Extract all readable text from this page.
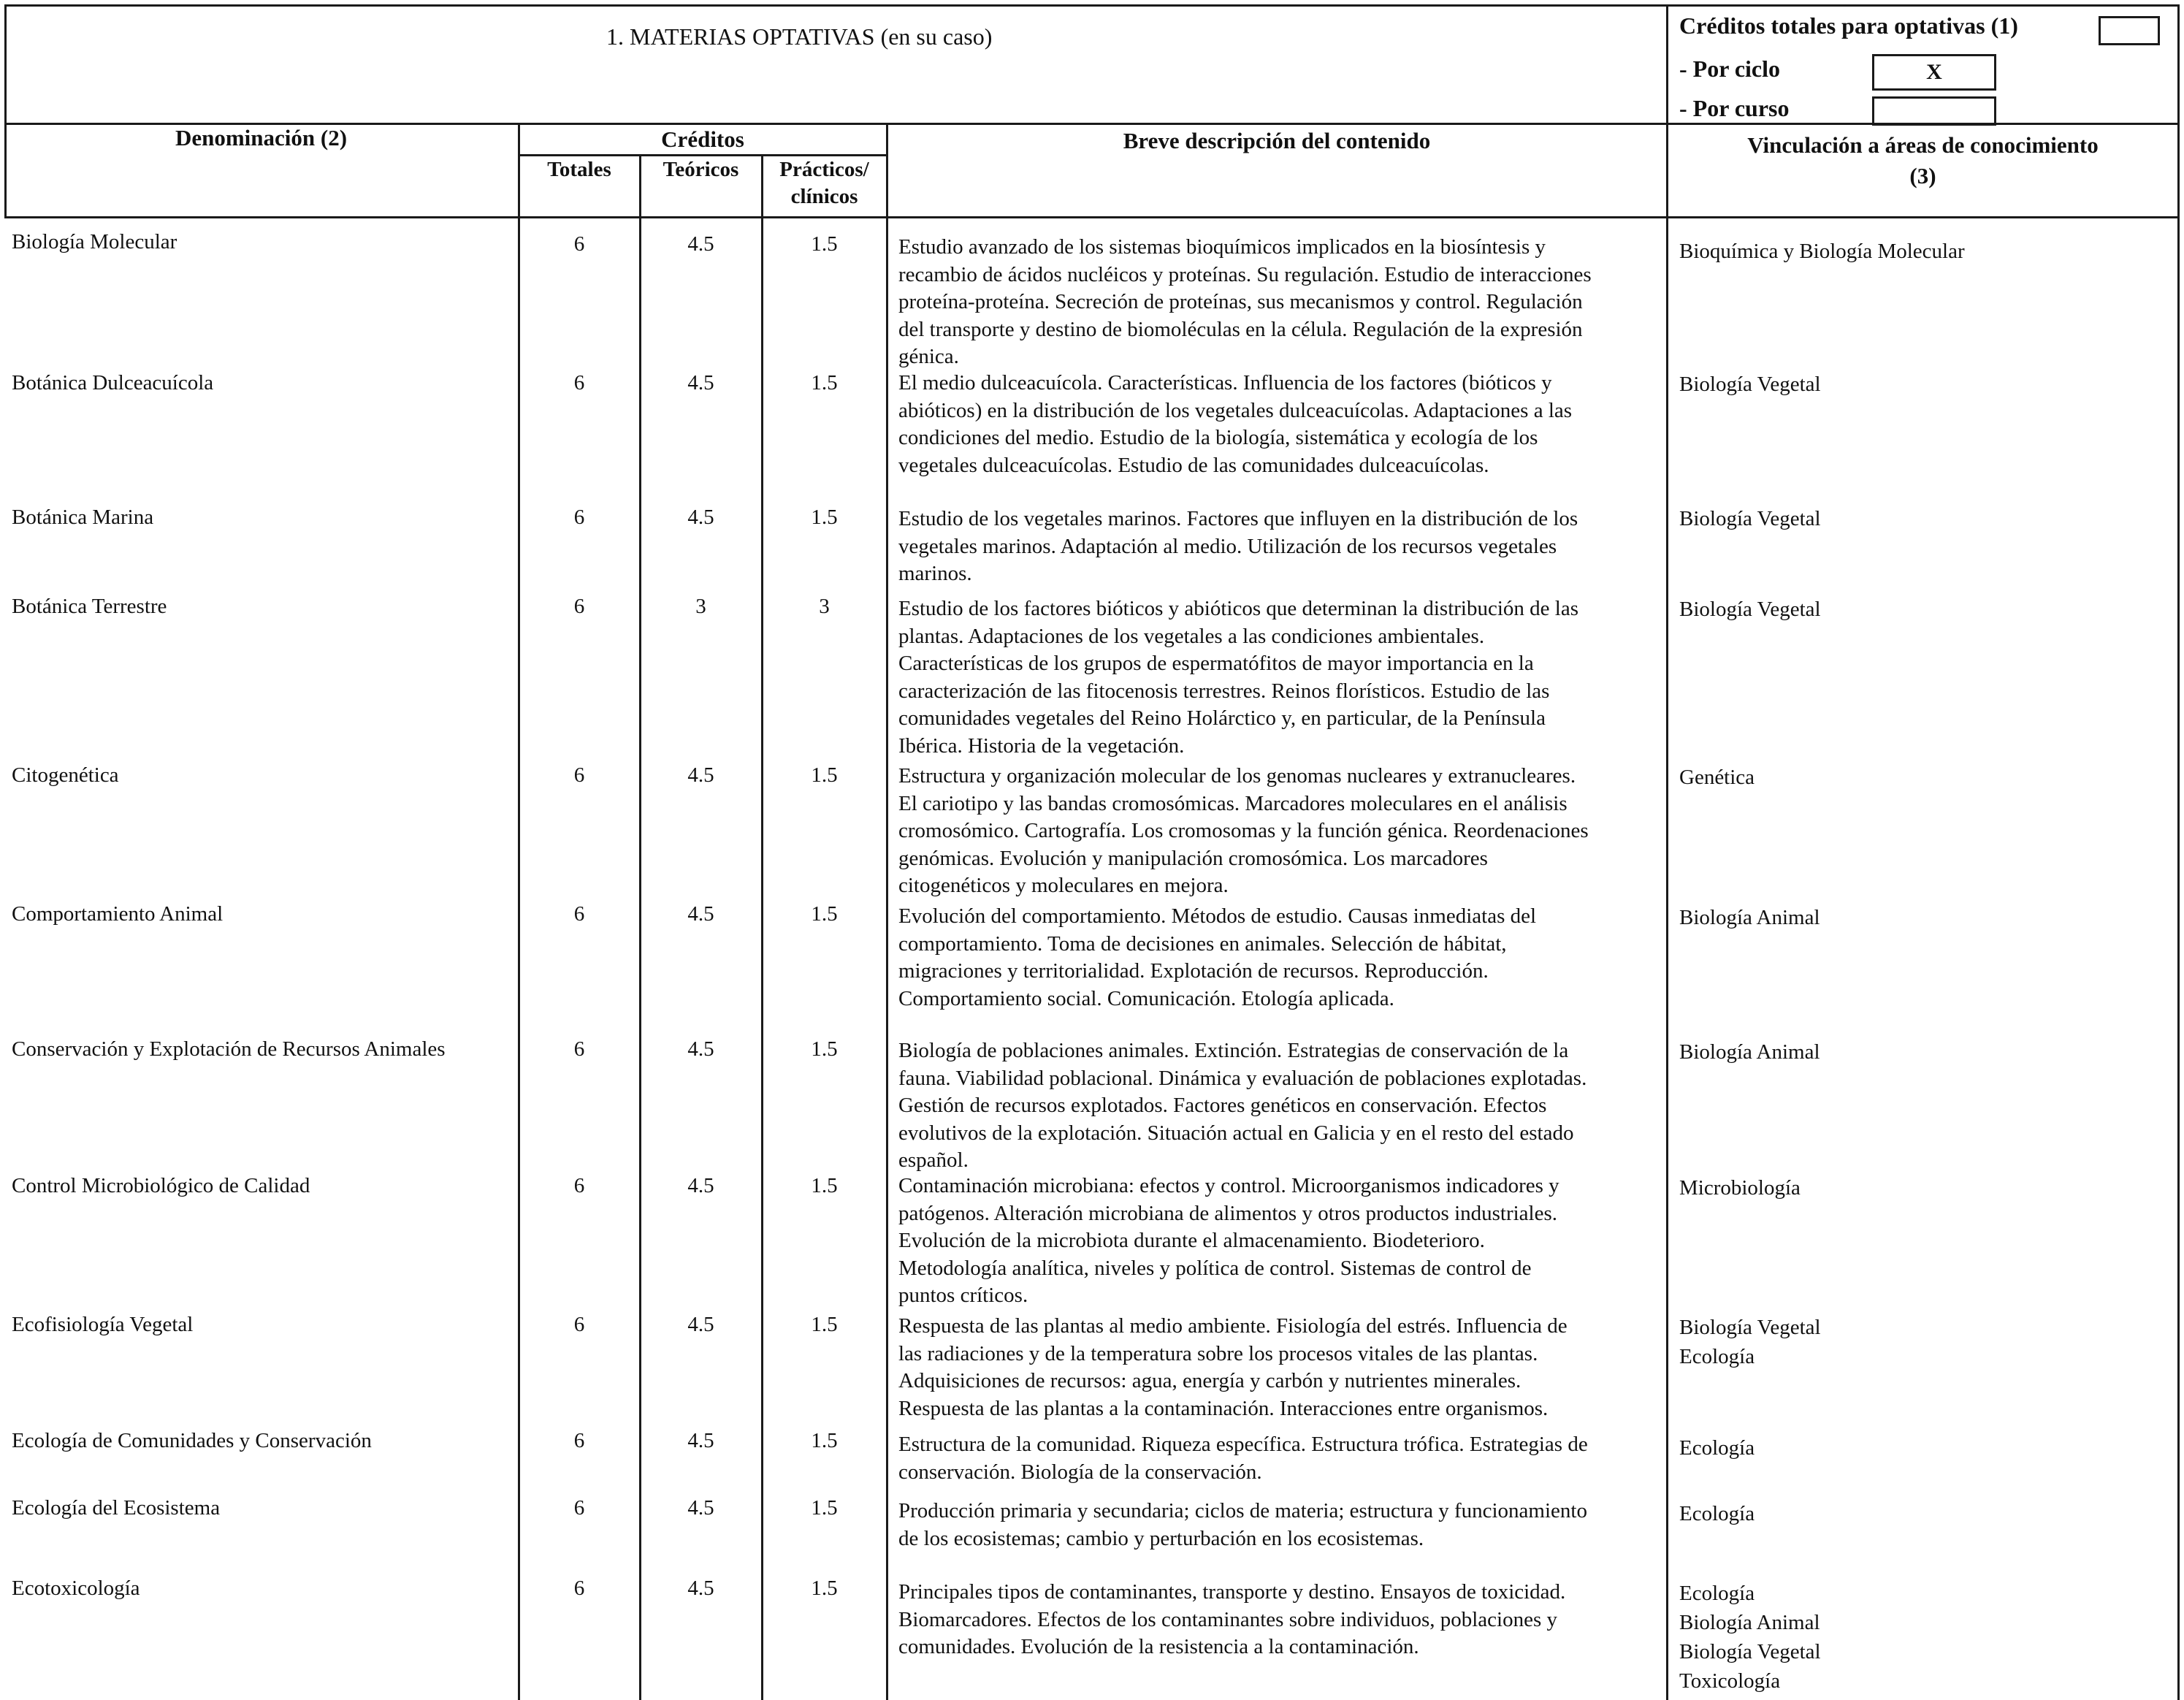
1. MATERIAS OPTATIVAS (en su caso)	Créditos totales para optativas (1)
- Por ciclo	X
- Por curso
Denominación (2)	Créditos
Totales	Teóricos	Prácticos/
clínicos
Breve descripción del contenido	Vinculación a áreas de conocimiento
(3)
Biología Molecular	6	4.5	1.5	Estudio avanzado de los sistemas bioquímicos implicados en la biosíntesis y
recambio de ácidos nucléicos y proteínas. Su regulación. Estudio de interacciones
proteína-proteína. Secreción de proteínas, sus mecanismos y control. Regulación
del transporte y destino de biomoléculas en la célula. Regulación de la expresión
génica.
Bioquímica y Biología Molecular
Botánica Dulceacuícola	6	4.5	1.5	El medio dulceacuícola. Características. Influencia de los factores (bióticos y
abióticos) en la distribución de los vegetales dulceacuícolas. Adaptaciones a las
condiciones del medio. Estudio de la biología, sistemática y ecología de los
vegetales dulceacuícolas. Estudio de las comunidades dulceacuícolas.
Biología Vegetal
Botánica Marina	6	4.5	1.5	Estudio de los vegetales marinos. Factores que influyen en la distribución de los
vegetales marinos. Adaptación al medio. Utilización de los recursos vegetales
marinos.
Biología Vegetal
Botánica Terrestre	6	3	3	Estudio de los factores bióticos y abióticos que determinan la distribución de las
plantas. Adaptaciones de los vegetales a las condiciones ambientales.
Características de los grupos de espermatófitos de mayor importancia en la
caracterización de las fitocenosis terrestres. Reinos florísticos. Estudio de las
comunidades vegetales del Reino Holárctico y, en particular, de la Península
Ibérica. Historia de la vegetación.
Biología Vegetal
Citogenética	6	4.5	1.5	Estructura y organización molecular de los genomas nucleares y extranucleares.
El cariotipo y las bandas cromosómicas. Marcadores moleculares en el análisis
cromosómico. Cartografía. Los cromosomas y la función génica. Reordenaciones
genómicas. Evolución y manipulación cromosómica. Los marcadores
citogenéticos y moleculares en mejora.
Genética
Comportamiento Animal	6	4.5	1.5	Evolución del comportamiento. Métodos de estudio. Causas inmediatas del
comportamiento. Toma de decisiones en animales. Selección de hábitat,
migraciones y territorialidad. Explotación de recursos. Reproducción.
Comportamiento social. Comunicación. Etología aplicada.
Biología Animal
Conservación y Explotación de Recursos Animales	6	4.5	1.5	Biología de poblaciones animales. Extinción. Estrategias de conservación de la
fauna. Viabilidad poblacional. Dinámica y evaluación de poblaciones explotadas.
Gestión de recursos explotados. Factores genéticos en conservación. Efectos
evolutivos de la explotación. Situación actual en Galicia y en el resto del estado
español.
Biología Animal
Control Microbiológico de Calidad	6	4.5	1.5	Contaminación microbiana: efectos y control. Microorganismos indicadores y
patógenos. Alteración microbiana de alimentos y otros productos industriales.
Evolución de la microbiota durante el almacenamiento. Biodeterioro.
Metodología analítica, niveles y política de control. Sistemas de control de
puntos críticos.
Microbiología
Ecofisiología Vegetal	6	4.5	1.5	Respuesta de las plantas al medio ambiente. Fisiología del estrés. Influencia de
las radiaciones y de la temperatura sobre los procesos vitales de las plantas.
Adquisiciones de recursos: agua, energía y carbón y nutrientes minerales.
Respuesta de las plantas a la contaminación. Interacciones entre organismos.
Biología Vegetal
Ecología
Ecología de Comunidades y Conservación	6	4.5	1.5	Estructura de la comunidad. Riqueza específica. Estructura trófica. Estrategias de
conservación. Biología de la conservación.
Ecología
Ecología del Ecosistema	6	4.5	1.5	Producción primaria y secundaria; ciclos de materia; estructura y funcionamiento
de los ecosistemas; cambio y perturbación en los ecosistemas.
Ecología
Ecotoxicología	6	4.5	1.5	Principales tipos de contaminantes, transporte y destino. Ensayos de toxicidad.
Biomarcadores. Efectos de los contaminantes sobre individuos, poblaciones y
comunidades. Evolución de la resistencia a la contaminación.
Ecología
Biología Animal
Biología Vegetal
Toxicología
